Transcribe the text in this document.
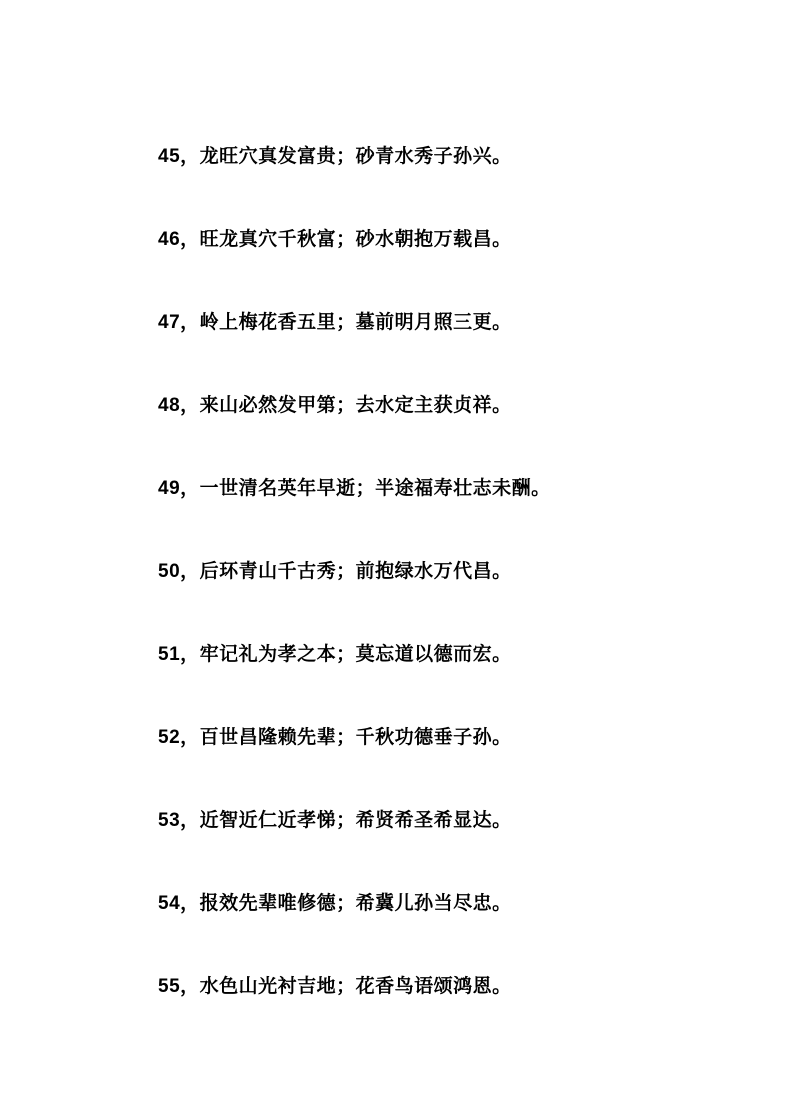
45，龙旺穴真发富贵；砂青水秀子孙兴。
46，旺龙真穴千秋富；砂水朝抱万载昌。
47，岭上梅花香五里；墓前明月照三更。
48，来山必然发甲第；去水定主获贞祥。
49，一世清名英年早逝；半途福寿壮志未酬。
50，后环青山千古秀；前抱绿水万代昌。
51，牢记礼为孝之本；莫忘道以德而宏。
52，百世昌隆赖先辈；千秋功德垂子孙。
53，近智近仁近孝悌；希贤希圣希显达。
54，报效先辈唯修德；希冀儿孙当尽忠。
55，水色山光衬吉地；花香鸟语颂鸿恩。
